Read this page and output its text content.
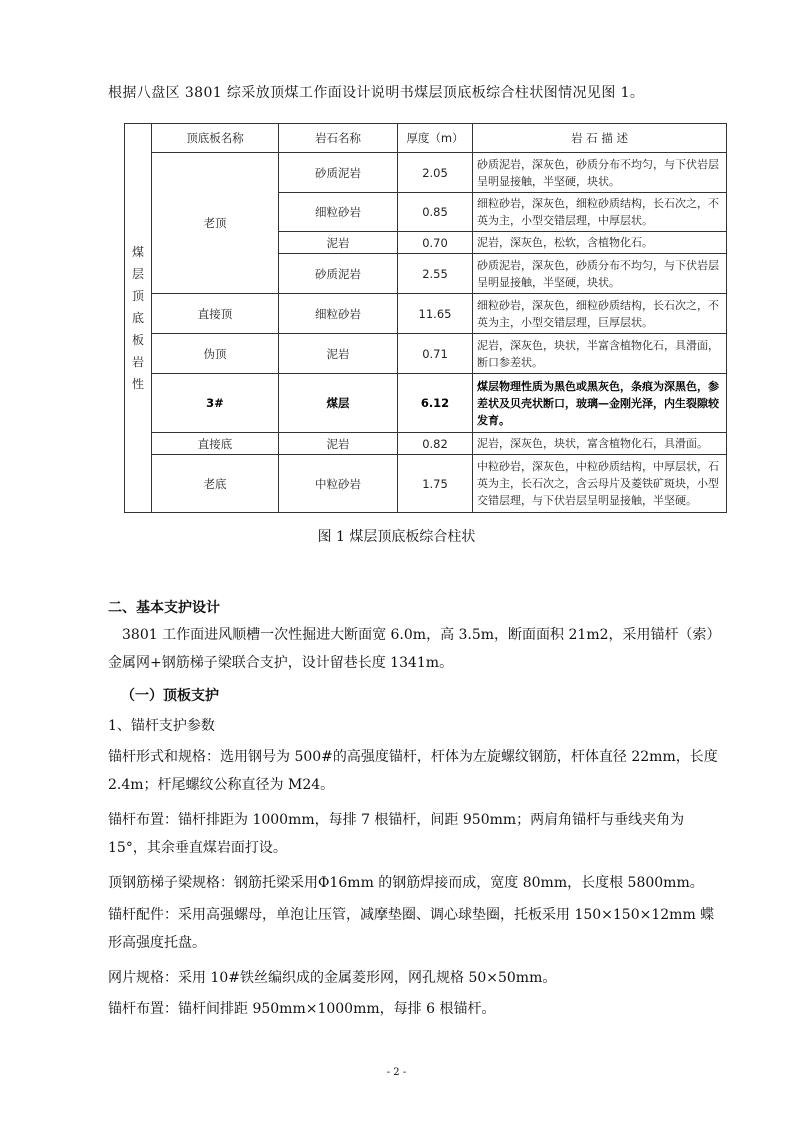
根据八盘区 3801 综采放顶煤工作面设计说明书煤层顶底板综合柱状图情况见图 1。
煤层顶底板岩性	顶底板名称	岩石名称	厚度（m）	岩 石 描 述
	老顶	砂质泥岩	2.05	砂质泥岩，深灰色，砂质分布不均匀，与下伏岩层呈明显接触，半坚硬，块状。
		细粒砂岩	0.85	细粒砂岩，深灰色，细粒砂质结构，长石次之，不英为主，小型交错层理，中厚层状。
		泥岩	0.70	泥岩，深灰色，松软，含植物化石。
		砂质泥岩	2.55	砂质泥岩，深灰色，砂质分布不均匀，与下伏岩层呈明显接触，半坚硬，块状。
	直接顶	细粒砂岩	11.65	细粒砂岩，深灰色，细粒砂质结构，长石次之，不英为主，小型交错层理，巨厚层状。
	伪顶	泥岩	0.71	泥岩，深灰色，块状，半富含植物化石，具滑面，断口参差状。
	3#	煤层	6.12	煤层物理性质为黑色或黑灰色，条痕为深黑色，参差状及贝壳状断口，玻璃—金刚光泽，内生裂隙较发育。
	直接底	泥岩	0.82	泥岩，深灰色，块状，富含植物化石，具滑面。
	老底	中粒砂岩	1.75	中粒砂岩，深灰色，中粒砂质结构，中厚层状，石英为主，长石次之，含云母片及菱铁矿斑块，小型交错层理，与下伏岩层呈明显接触，半坚硬。
图 1 煤层顶底板综合柱状
二、基本支护设计
3801 工作面进风顺槽一次性掘进大断面宽 6.0m，高 3.5m，断面面积 21m2，采用锚杆（索）金属网+钢筋梯子梁联合支护，设计留巷长度 1341m。
（一）顶板支护
1、锚杆支护参数
锚杆形式和规格：选用钢号为 500#的高强度锚杆，杆体为左旋螺纹钢筋，杆体直径 22mm，长度 2.4m；杆尾螺纹公称直径为 M24。
锚杆布置：锚杆排距为 1000mm，每排 7 根锚杆，间距 950mm；两肩角锚杆与垂线夹角为 15°，其余垂直煤岩面打设。
顶钢筋梯子梁规格：钢筋托梁采用Φ16mm 的钢筋焊接而成，宽度 80mm，长度根 5800mm。
锚杆配件：采用高强螺母，单泡让压管，减摩垫圈、调心球垫圈，托板采用 150×150×12mm 蝶形高强度托盘。
网片规格：采用 10#铁丝编织成的金属菱形网，网孔规格 50×50mm。
锚杆布置：锚杆间排距 950mm×1000mm，每排 6 根锚杆。
- 2 -
